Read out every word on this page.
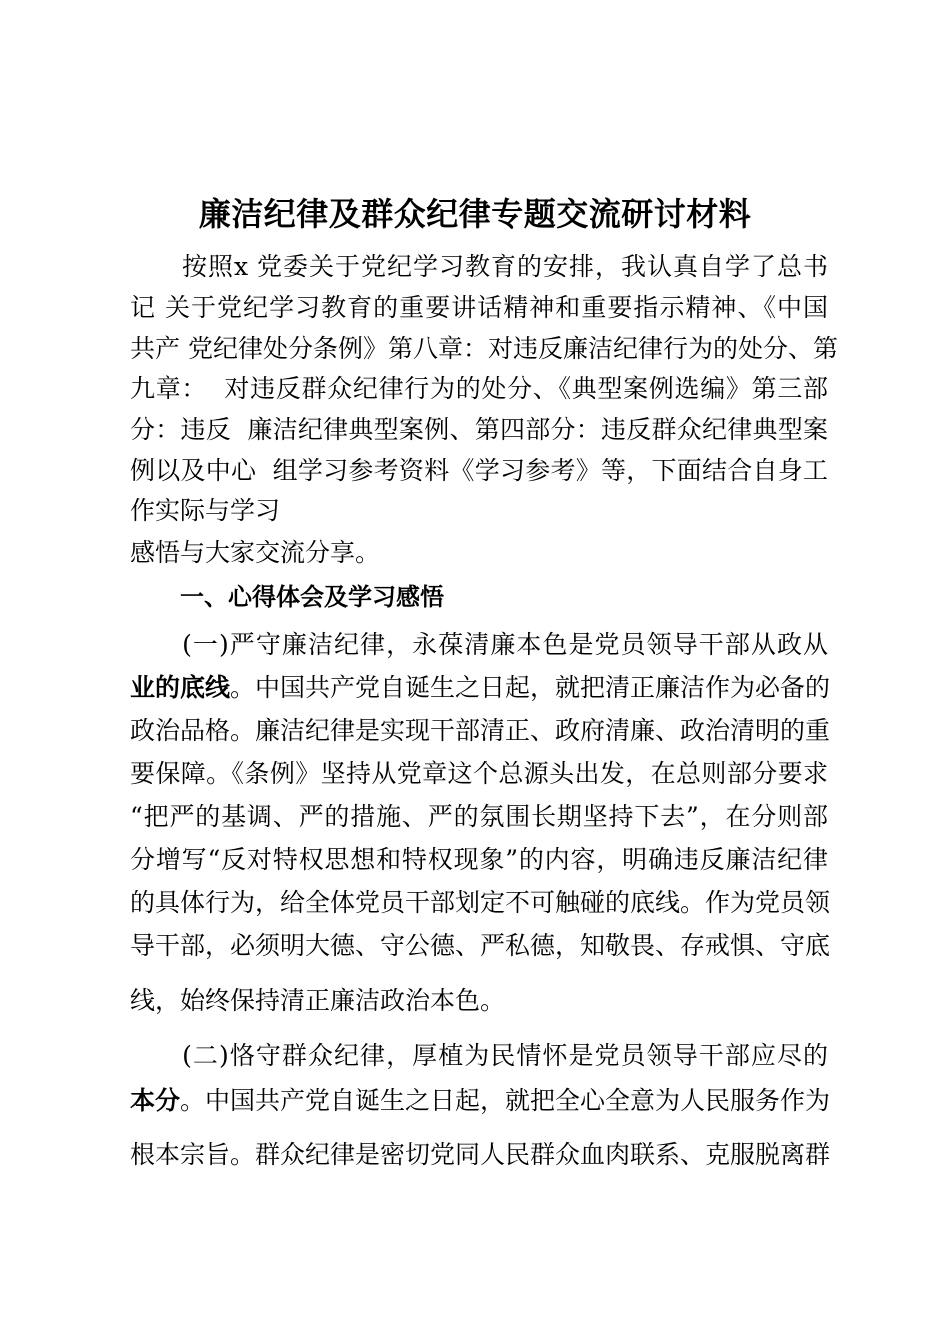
廉洁纪律及群众纪律专题交流研讨材料
　　按照x 党委关于党纪学习教育的安排，我认真自学了总书
记 关于党纪学习教育的重要讲话精神和重要指示精神、《中国
共产 党纪律处分条例》第八章：对违反廉洁纪律行为的处分、第
九章：  对违反群众纪律行为的处分、《典型案例选编》第三部
分：违反  廉洁纪律典型案例、第四部分：违反群众纪律典型案
例以及中心  组学习参考资料《学习参考》等，下面结合自身工
作实际与学习
感悟与大家交流分享。
一、心得体会及学习感悟
　　(一)严守廉洁纪律，永葆清廉本色是党员领导干部从政从
业的底线。中国共产党自诞生之日起，就把清正廉洁作为必备的
政治品格。廉洁纪律是实现干部清正、政府清廉、政治清明的重
要保障。《条例》坚持从党章这个总源头出发，在总则部分要求
“把严的基调、严的措施、严的氛围长期坚持下去”，在分则部
分增写“反对特权思想和特权现象”的内容，明确违反廉洁纪律
的具体行为，给全体党员干部划定不可触碰的底线。作为党员领
导干部，必须明大德、守公德、严私德，知敬畏、存戒惧、守底
线，始终保持清正廉洁政治本色。
　　(二)恪守群众纪律，厚植为民情怀是党员领导干部应尽的
本分。中国共产党自诞生之日起，就把全心全意为人民服务作为
根本宗旨。群众纪律是密切党同人民群众血肉联系、克服脱离群
